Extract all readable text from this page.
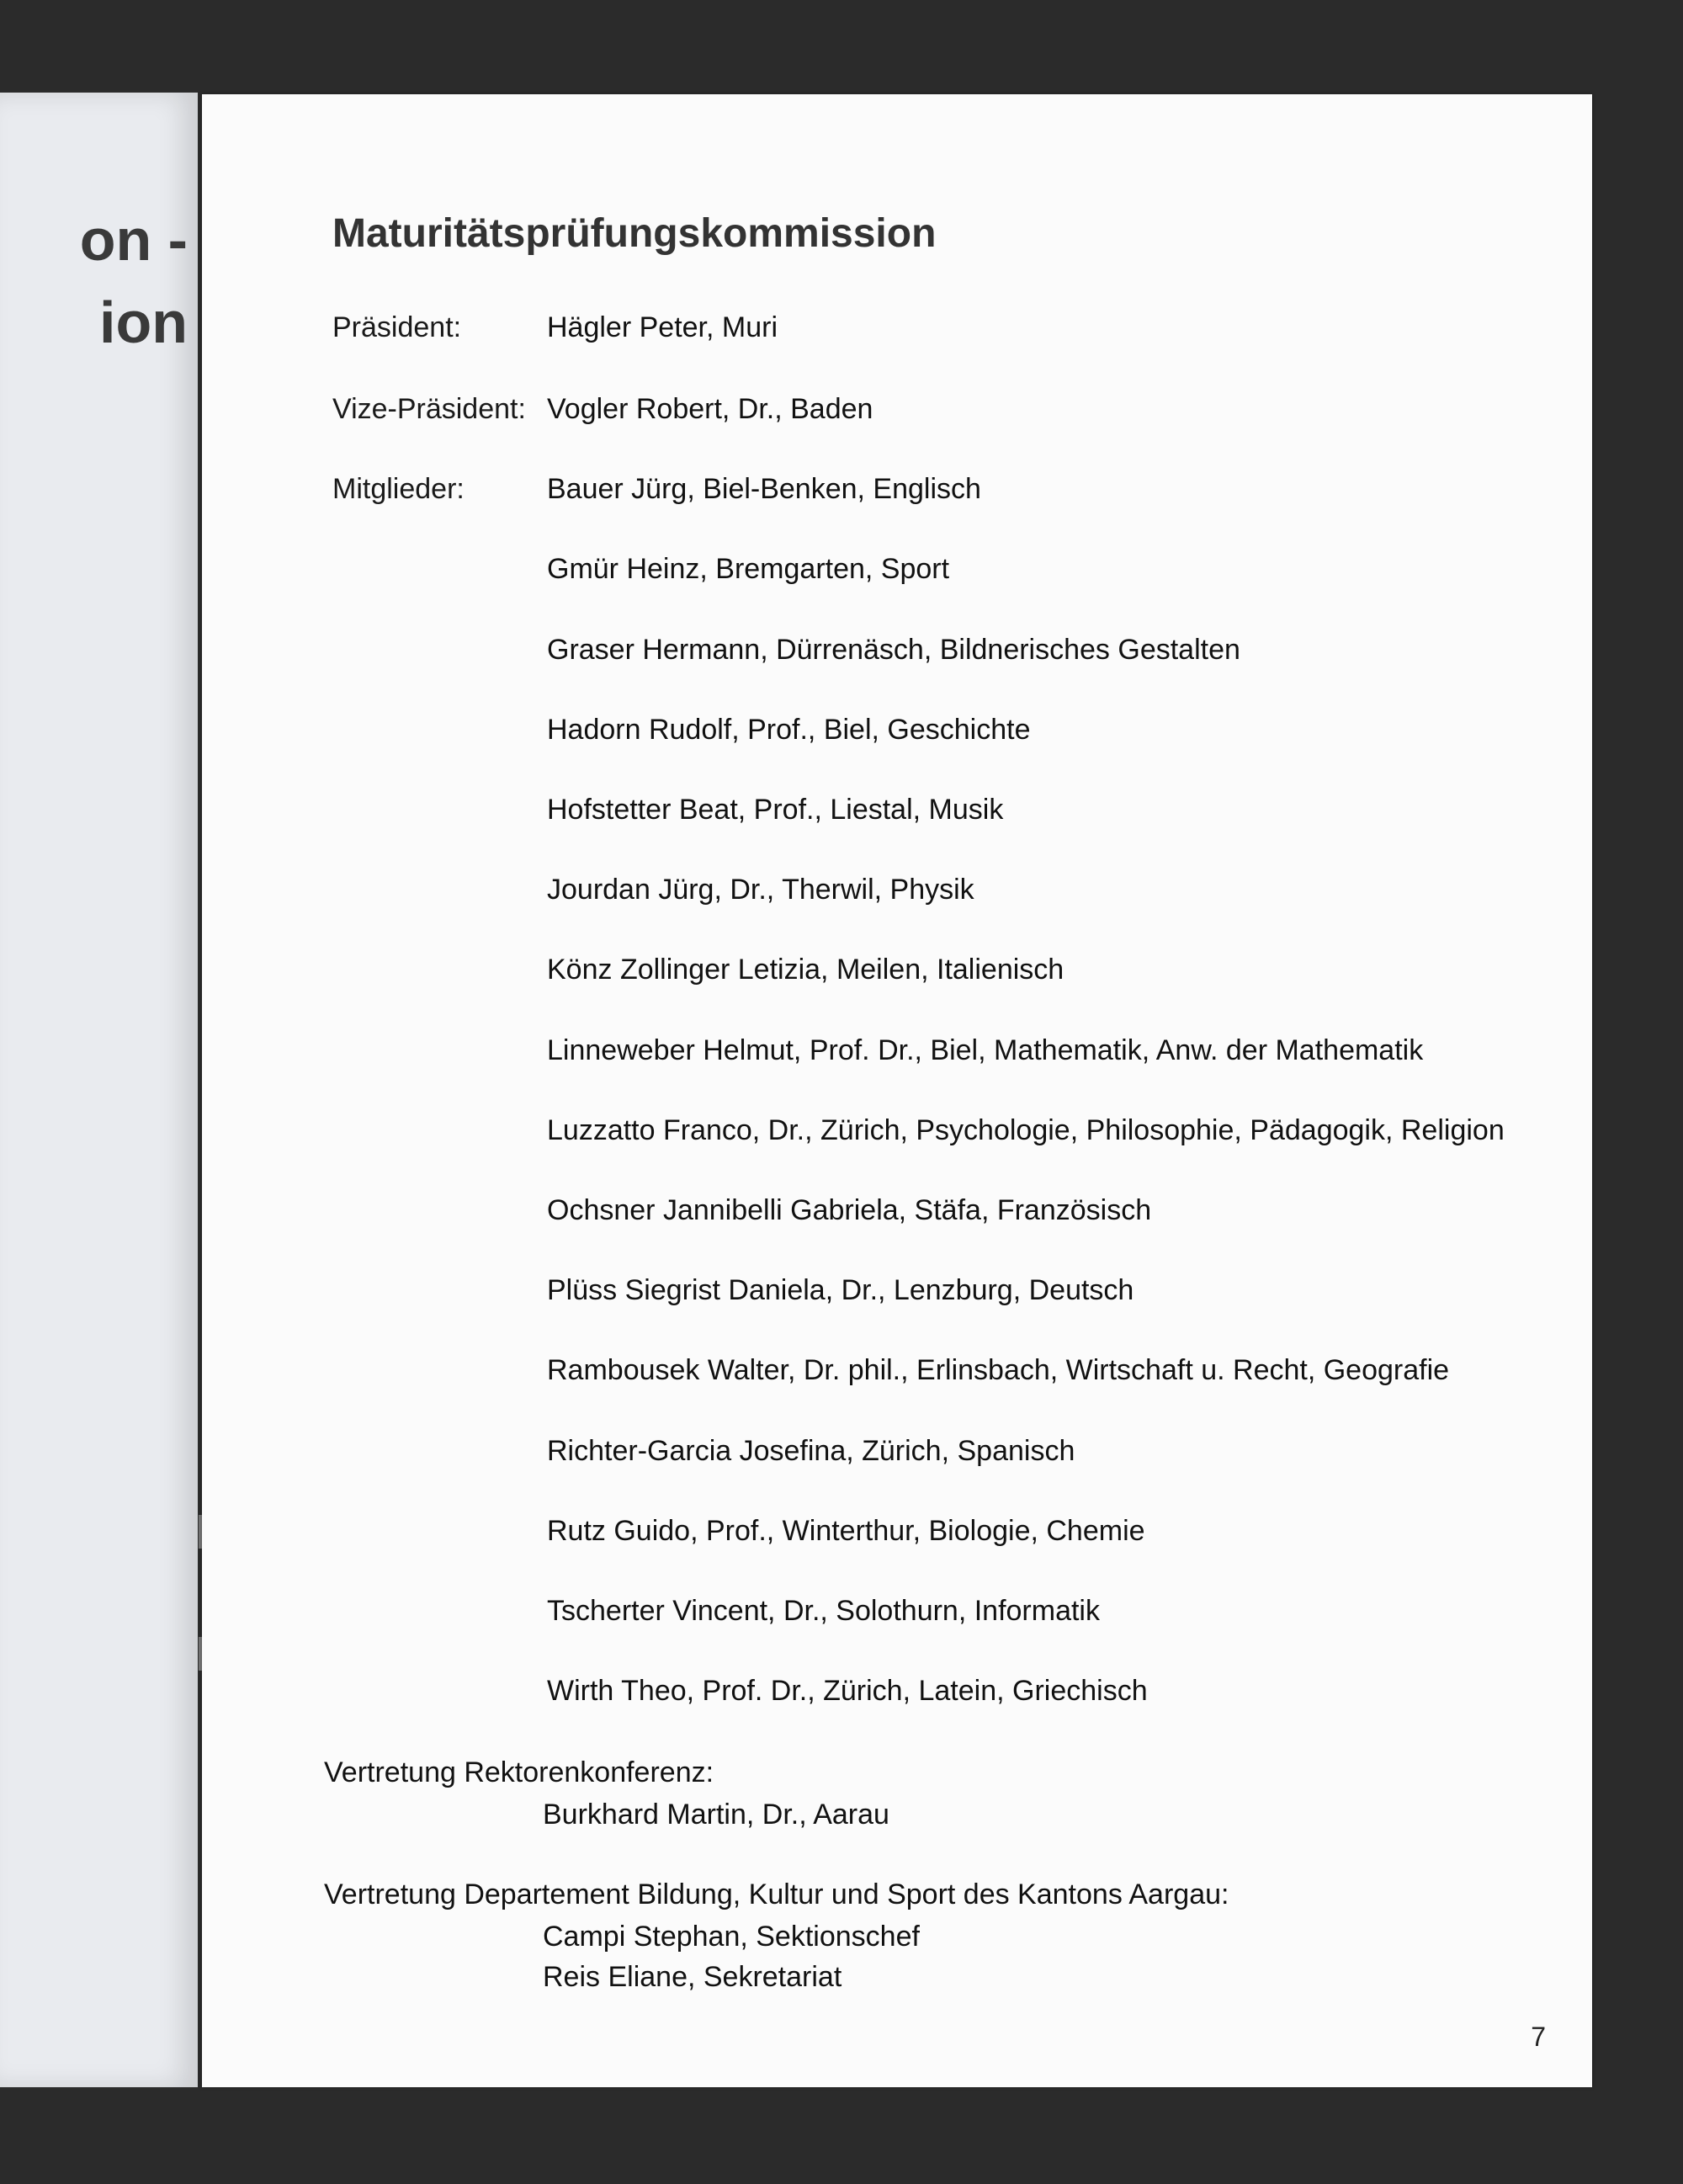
on -
ion

Maturitätsprüfungskommission
Präsident:	Hägler Peter, Muri
Vize-Präsident: Vogler Robert, Dr., Baden
Mitglieder:	Bauer Jürg, Biel-Benken, Englisch
Gmür Heinz, Bremgarten, Sport
Graser Hermann, Dürrenäsch, Bildnerisches Gestalten
Hadorn Rudolf, Prof., Biel, Geschichte
Hofstetter Beat, Prof., Liestal, Musik
Jourdan Jürg, Dr., Therwil, Physik
Könz Zollinger Letizia, Meilen, Italienisch
Linneweber Helmut, Prof. Dr., Biel, Mathematik, Anw. der Mathematik
Luzzatto Franco, Dr., Zürich, Psychologie, Philosophie, Pädagogik, Religion
Ochsner Jannibelli Gabriela, Stäfa, Französisch
Plüss Siegrist Daniela, Dr., Lenzburg, Deutsch
Rambousek Walter, Dr. phil., Erlinsbach, Wirtschaft u. Recht, Geografie
Richter-Garcia Josefina, Zürich, Spanisch
Rutz Guido, Prof., Winterthur, Biologie, Chemie
Tscherter Vincent, Dr., Solothurn, Informatik
Wirth Theo, Prof. Dr., Zürich, Latein, Griechisch
Vertretung Rektorenkonferenz:
Burkhard Martin, Dr., Aarau
Vertretung Departement Bildung, Kultur und Sport des Kantons Aargau:
Campi Stephan, Sektionschef
Reis Eliane, Sekretariat
7
